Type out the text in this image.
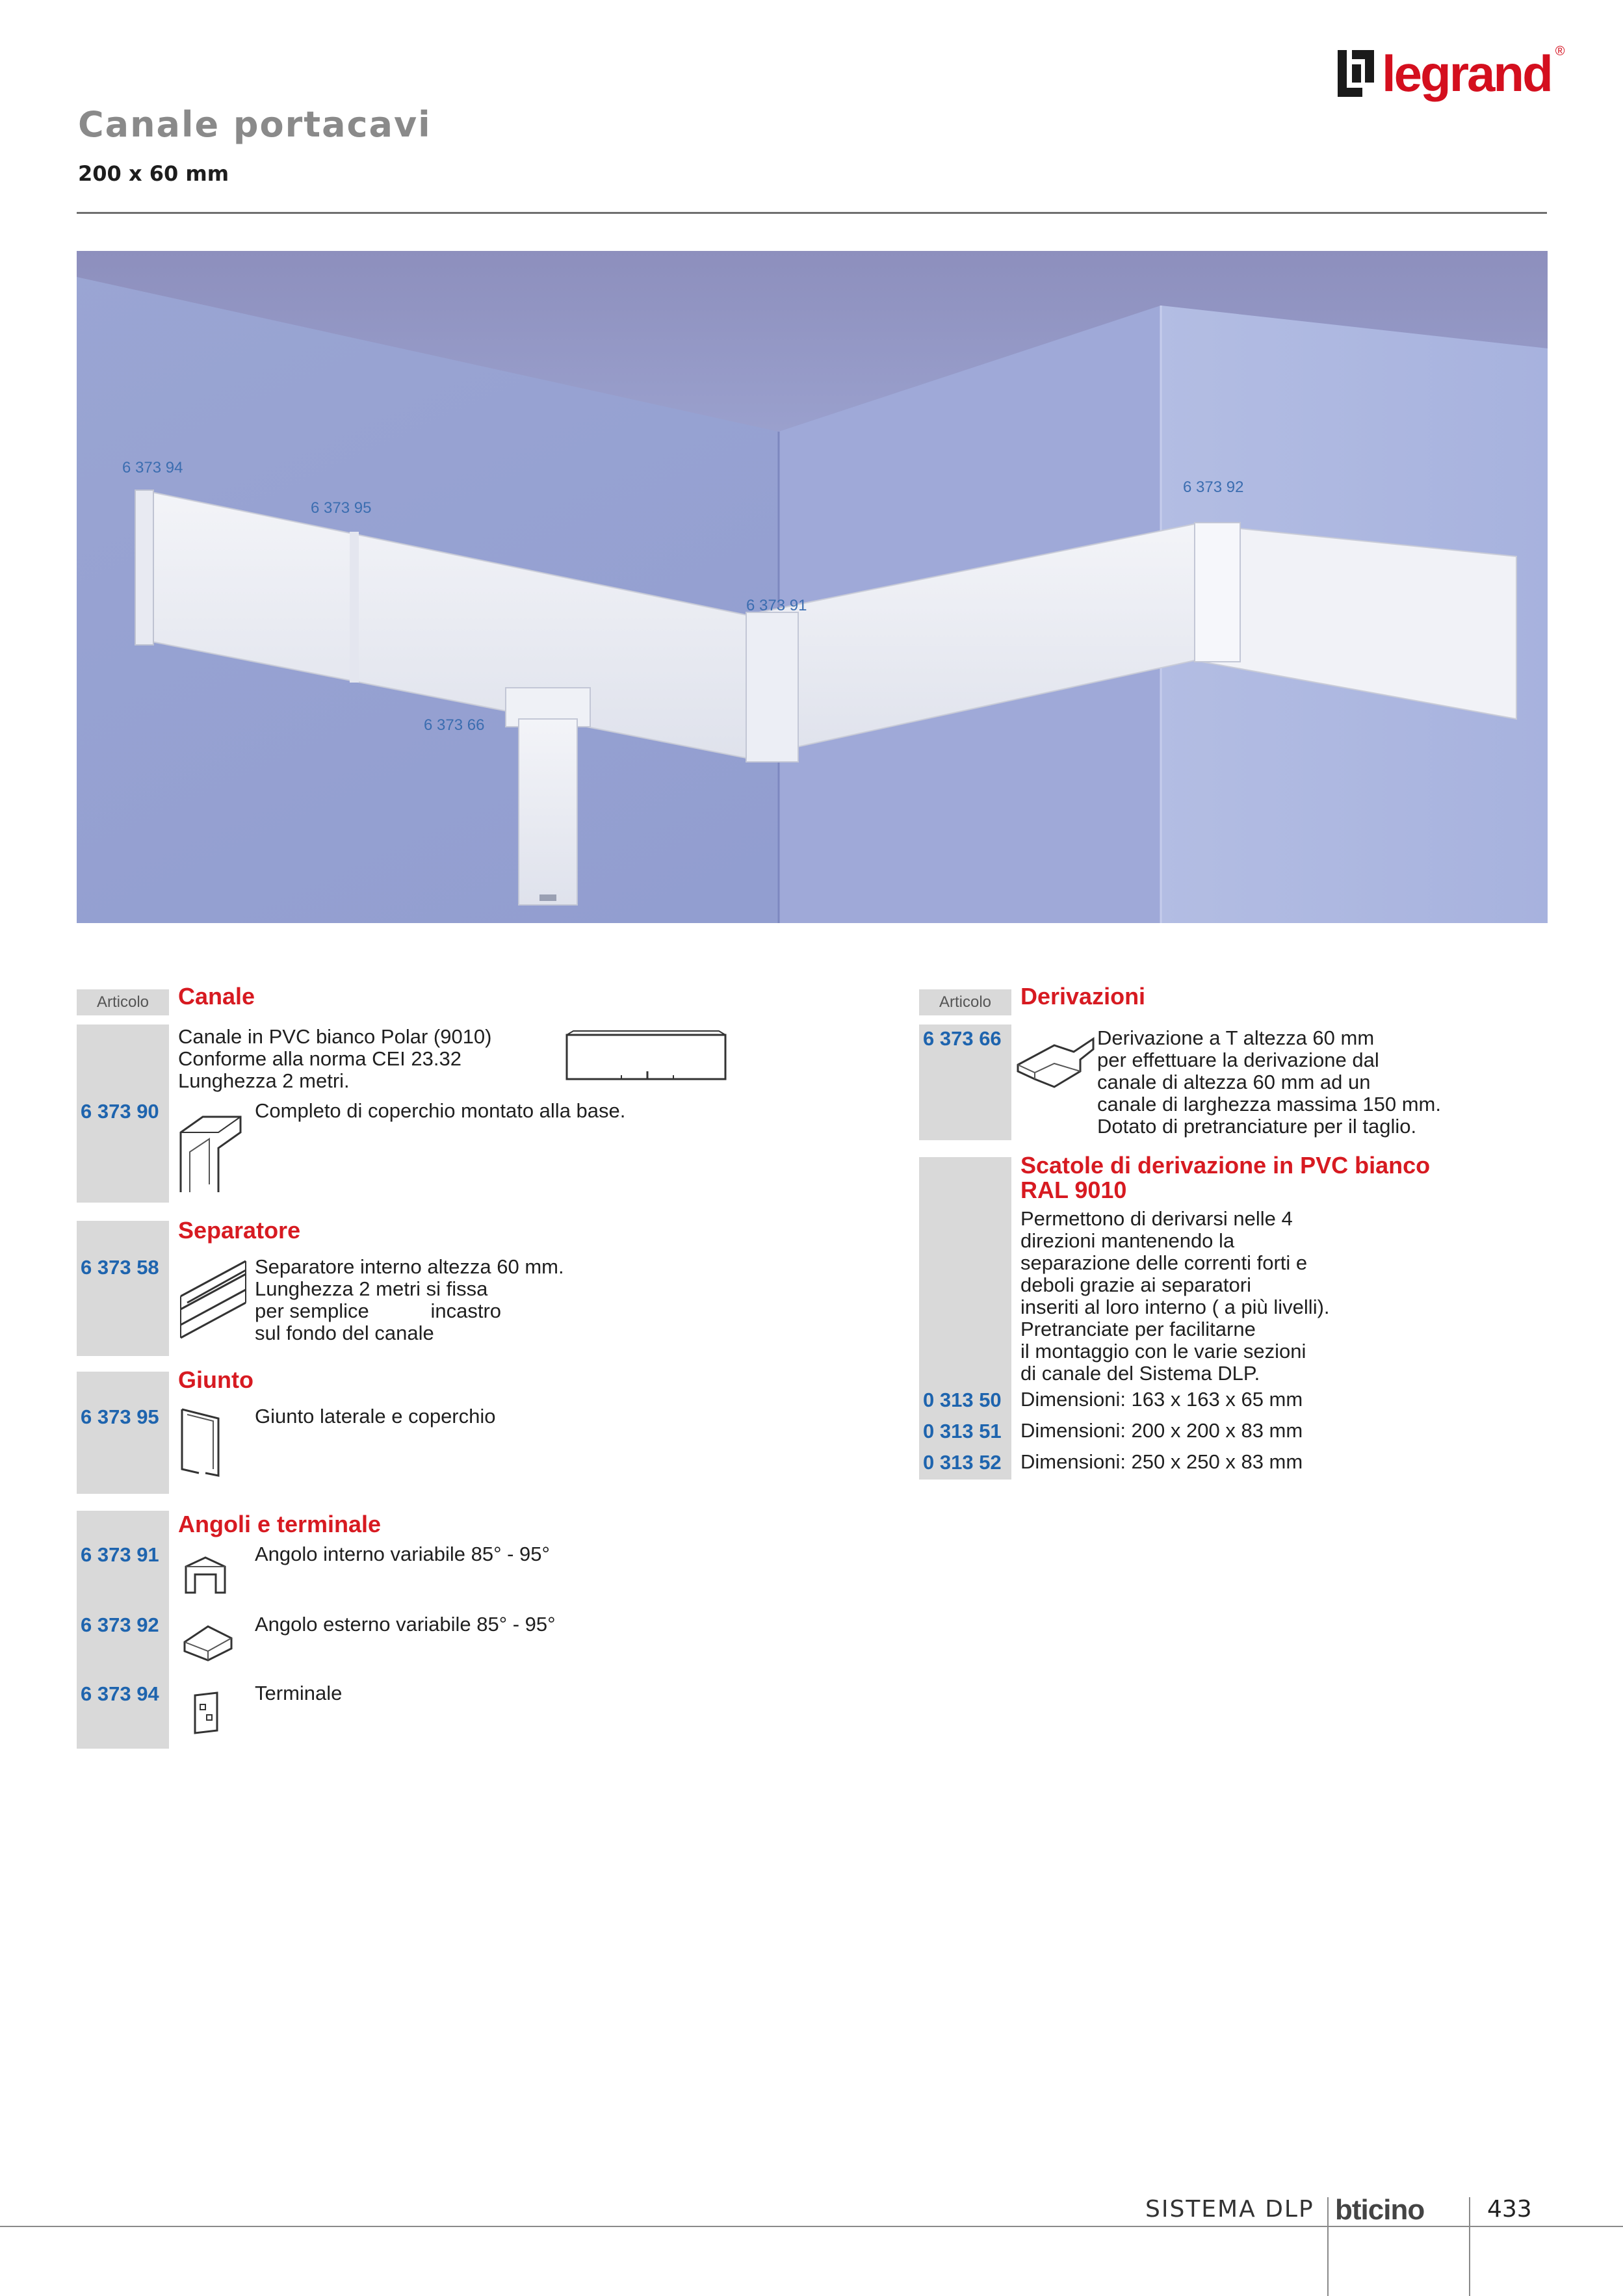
legrand ®
Canale portacavi
200 x 60 mm
6 373 94
6 373 95
6 373 92
6 373 91
6 373 66
Articolo	Canale
6 373 90
Canale in PVC bianco Polar (9010)
Conforme alla norma CEI 23.32
Lunghezza 2 metri.
Completo di coperchio montato alla base.
Separatore
6 373 58	Separatore interno altezza 60 mm.
Lunghezza 2 metri si fissa
per semplice           incastro
sul fondo del canale
Giunto
6 373 95	Giunto laterale e coperchio
Angoli e terminale
6 373 91	Angolo interno variabile 85° - 95°
6 373 92	Angolo esterno variabile 85° - 95°
6 373 94	Terminale
Articolo	Derivazioni
6 373 66	Derivazione a T altezza 60 mm
per effettuare la derivazione dal
canale di altezza 60 mm ad un
canale di larghezza massima 150 mm.
Dotato di pretranciature per il taglio.
Scatole di derivazione in PVC bianco
RAL 9010
Permettono di derivarsi nelle 4
direzioni mantenendo la
separazione delle correnti forti e
deboli grazie ai separatori
inseriti al loro interno ( a più livelli).
Pretranciate per facilitarne
il montaggio con le varie sezioni
di canale del Sistema DLP.
0 313 50 Dimensioni: 163 x 163 x 65 mm
0 313 51 Dimensioni: 200 x 200 x 83 mm
0 313 52 Dimensioni: 250 x 250 x 83 mm
SISTEMA DLP bticino	433
